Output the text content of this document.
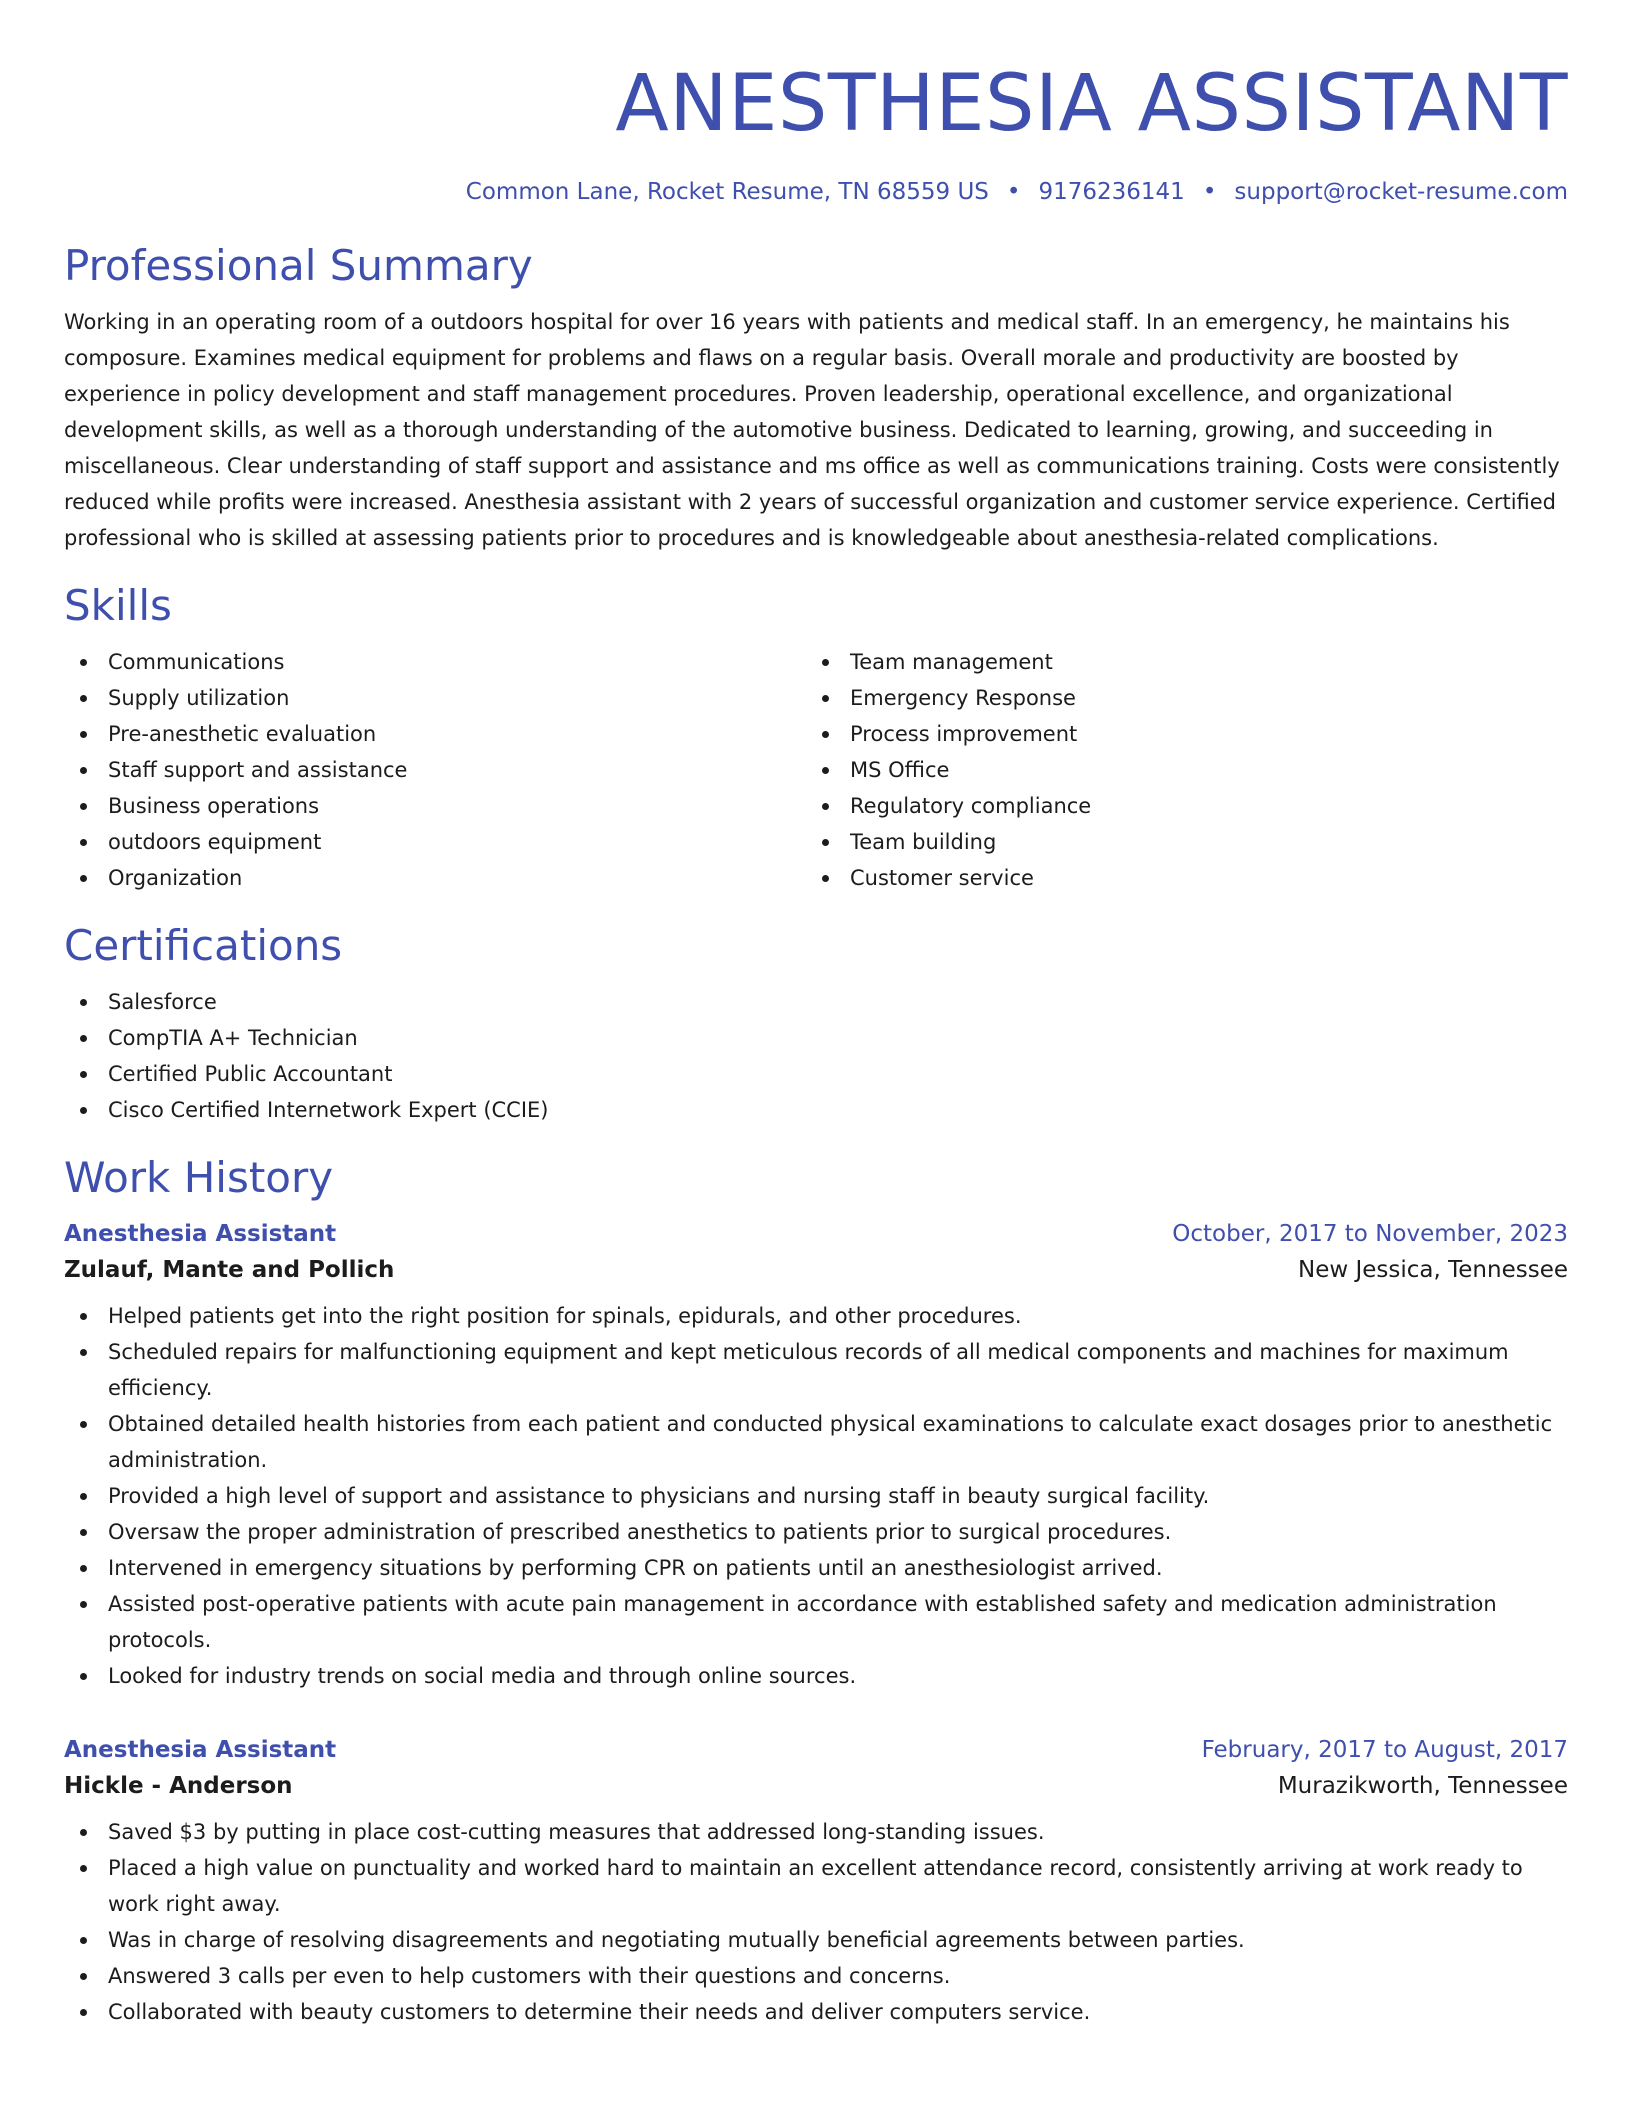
ANESTHESIA ASSISTANT
Common Lane, Rocket Resume, TN 68559 US • 9176236141 • support@rocket-resume.com
Professional Summary

Working in an operating room of a outdoors hospital for over 16 years with patients and medical staff. In an emergency, he maintains his composure. Examines medical equipment for problems and flaws on a regular basis. Overall morale and productivity are boosted by experience in policy development and staff management procedures. Proven leadership, operational excellence, and organizational development skills, as well as a thorough understanding of the automotive business. Dedicated to learning, growing, and succeeding in miscellaneous. Clear understanding of staff support and assistance and ms office as well as communications training. Costs were consistently reduced while profits were increased. Anesthesia assistant with 2 years of successful organization and customer service experience. Certified professional who is skilled at assessing patients prior to procedures and is knowledgeable about anesthesia-related complications.

Skills
Communications
Supply utilization
Pre-anesthetic evaluation
Staff support and assistance
Business operations
outdoors equipment
Organization
Team management
Emergency Response
Process improvement
MS Office
Regulatory compliance
Team building
Customer service
Certifications
Salesforce
CompTIA A+ Technician
Certified Public Accountant
Cisco Certified Internetwork Expert (CCIE)
Work History
Anesthesia Assistant	October, 2017 to November, 2023
Zulauf, Mante and Pollich	New Jessica, Tennessee
Helped patients get into the right position for spinals, epidurals, and other procedures.
Scheduled repairs for malfunctioning equipment and kept meticulous records of all medical components and machines for maximum efficiency.
Obtained detailed health histories from each patient and conducted physical examinations to calculate exact dosages prior to anesthetic administration.
Provided a high level of support and assistance to physicians and nursing staff in beauty surgical facility.
Oversaw the proper administration of prescribed anesthetics to patients prior to surgical procedures.
Intervened in emergency situations by performing CPR on patients until an anesthesiologist arrived.
Assisted post-operative patients with acute pain management in accordance with established safety and medication administration protocols.
Looked for industry trends on social media and through online sources.
Anesthesia Assistant	February, 2017 to August, 2017
Hickle - Anderson	Murazikworth, Tennessee
Saved $3 by putting in place cost-cutting measures that addressed long-standing issues.
Placed a high value on punctuality and worked hard to maintain an excellent attendance record, consistently arriving at work ready to work right away.
Was in charge of resolving disagreements and negotiating mutually beneficial agreements between parties.
Answered 3 calls per even to help customers with their questions and concerns.
Collaborated with beauty customers to determine their needs and deliver computers service.
